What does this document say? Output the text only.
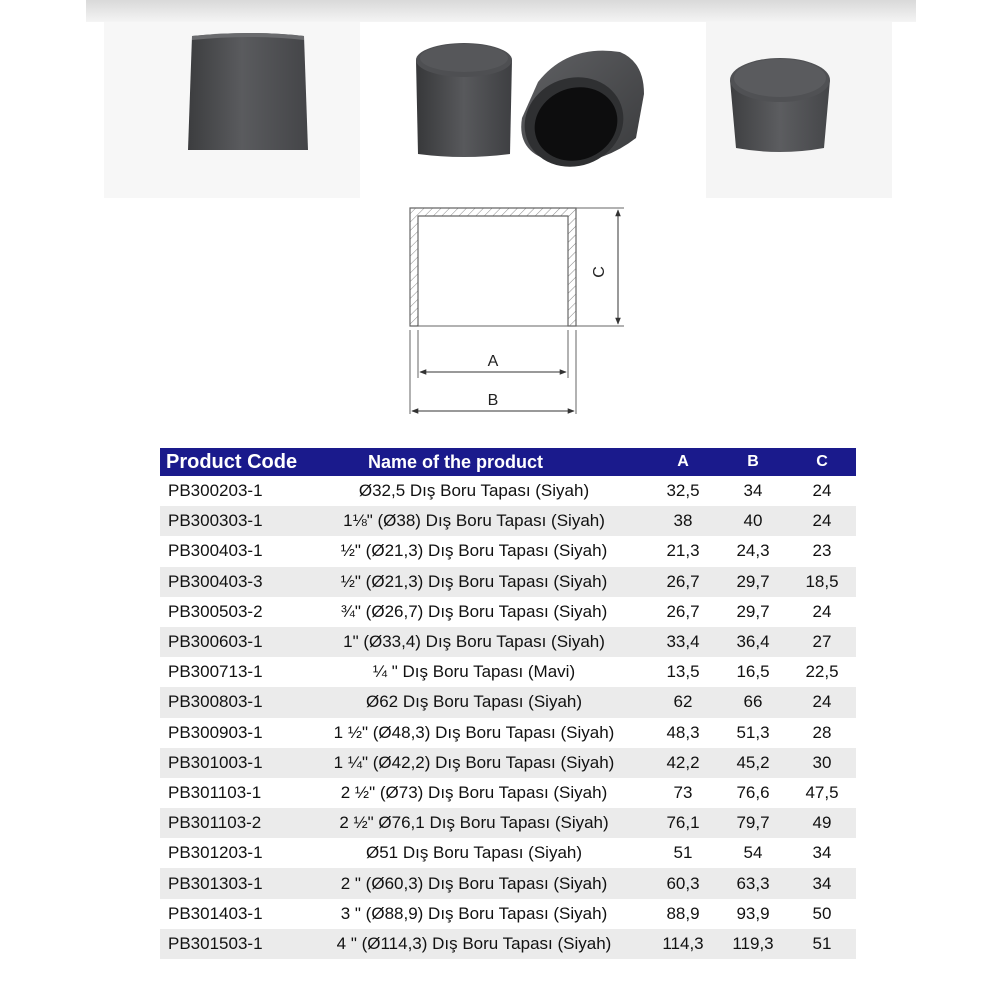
C
A
B
Product Code	Name of the product	A	B	C
PB300203-1	Ø32,5 Dış Boru Tapası (Siyah)	32,5	34	24
PB300303-1	1⅛" (Ø38) Dış Boru Tapası (Siyah)	38	40	24
PB300403-1	½" (Ø21,3) Dış Boru Tapası (Siyah)	21,3	24,3	23
PB300403-3	½" (Ø21,3) Dış Boru Tapası (Siyah)	26,7	29,7	18,5
PB300503-2	¾" (Ø26,7) Dış Boru Tapası (Siyah)	26,7	29,7	24
PB300603-1	1" (Ø33,4) Dış Boru Tapası (Siyah)	33,4	36,4	27
PB300713-1	¼ " Dış Boru Tapası (Mavi)	13,5	16,5	22,5
PB300803-1	Ø62 Dış Boru Tapası (Siyah)	62	66	24
PB300903-1	1 ½" (Ø48,3) Dış Boru Tapası (Siyah)	48,3	51,3	28
PB301003-1	1 ¼" (Ø42,2) Dış Boru Tapası (Siyah)	42,2	45,2	30
PB301103-1	2 ½" (Ø73) Dış Boru Tapası (Siyah)	73	76,6	47,5
PB301103-2	2 ½" Ø76,1 Dış Boru Tapası (Siyah)	76,1	79,7	49
PB301203-1	Ø51 Dış Boru Tapası (Siyah)	51	54	34
PB301303-1	2 " (Ø60,3) Dış Boru Tapası (Siyah)	60,3	63,3	34
PB301403-1	3 " (Ø88,9) Dış Boru Tapası (Siyah)	88,9	93,9	50
PB301503-1	4 " (Ø114,3) Dış Boru Tapası (Siyah)	114,3	119,3	51
